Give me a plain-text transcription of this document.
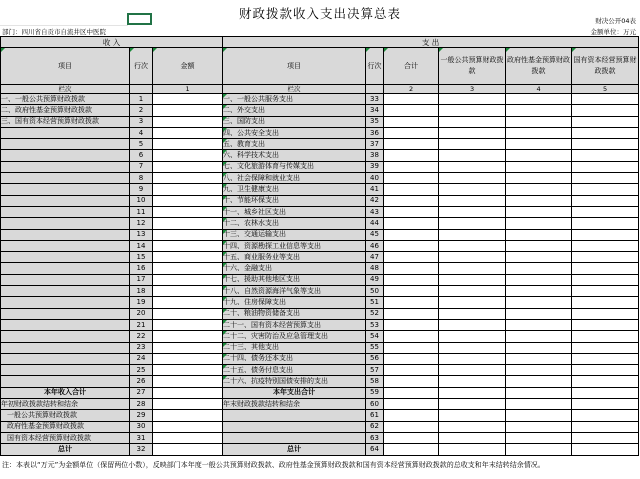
财政拨款收入支出决算总表	财决公开04表
部门：四川省自贡市自流井区中医院	金额单位：万元
收 入			支 出					
项目	行次	金额	项目	行次	合计	一般公共预算财政拨款	政府性基金预算财政拨款	国有资本经营预算财政拨款
栏次		1	栏次		2	3	4	5
一、一般公共预算财政拨款	1		一、一般公共服务支出	33				
二、政府性基金预算财政拨款	2		二、外交支出	34				
三、国有资本经营预算财政拨款	3		三、国防支出	35				
	4		四、公共安全支出	36				
	5		五、教育支出	37				
	6		六、科学技术支出	38				
	7		七、文化旅游体育与传媒支出	39				
	8		八、社会保障和就业支出	40				
	9		九、卫生健康支出	41				
	10		十、节能环保支出	42				
	11		十一、城乡社区支出	43				
	12		十二、农林水支出	44				
	13		十三、交通运输支出	45				
	14		十四、资源勘探工业信息等支出	46				
	15		十五、商业服务业等支出	47				
	16		十六、金融支出	48				
	17		十七、援助其他地区支出	49				
	18		十八、自然资源海洋气象等支出	50				
	19		十九、住房保障支出	51				
	20		二十、粮油物资储备支出	52				
	21		二十一、国有资本经营预算支出	53				
	22		二十二、灾害防治及应急管理支出	54				
	23		二十三、其他支出	55				
	24		二十四、债务还本支出	56				
	25		二十五、债务付息支出	57				
	26		二十六、抗疫特别国债安排的支出	58				
本年收入合计	27		本年支出合计	59				
年初财政拨款结转和结余	28		年末财政拨款结转和结余	60				
一般公共预算财政拨款	29			61				
政府性基金预算财政拨款	30			62				
国有资本经营预算财政拨款	31			63				
总计	32		总计	64				
注：本表以“万元”为金额单位（保留两位小数），反映部门本年度一般公共预算财政拨款、政府性基金预算财政拨款和国有资本经营预算财政拨款的总收支和年末结转结余情况。
